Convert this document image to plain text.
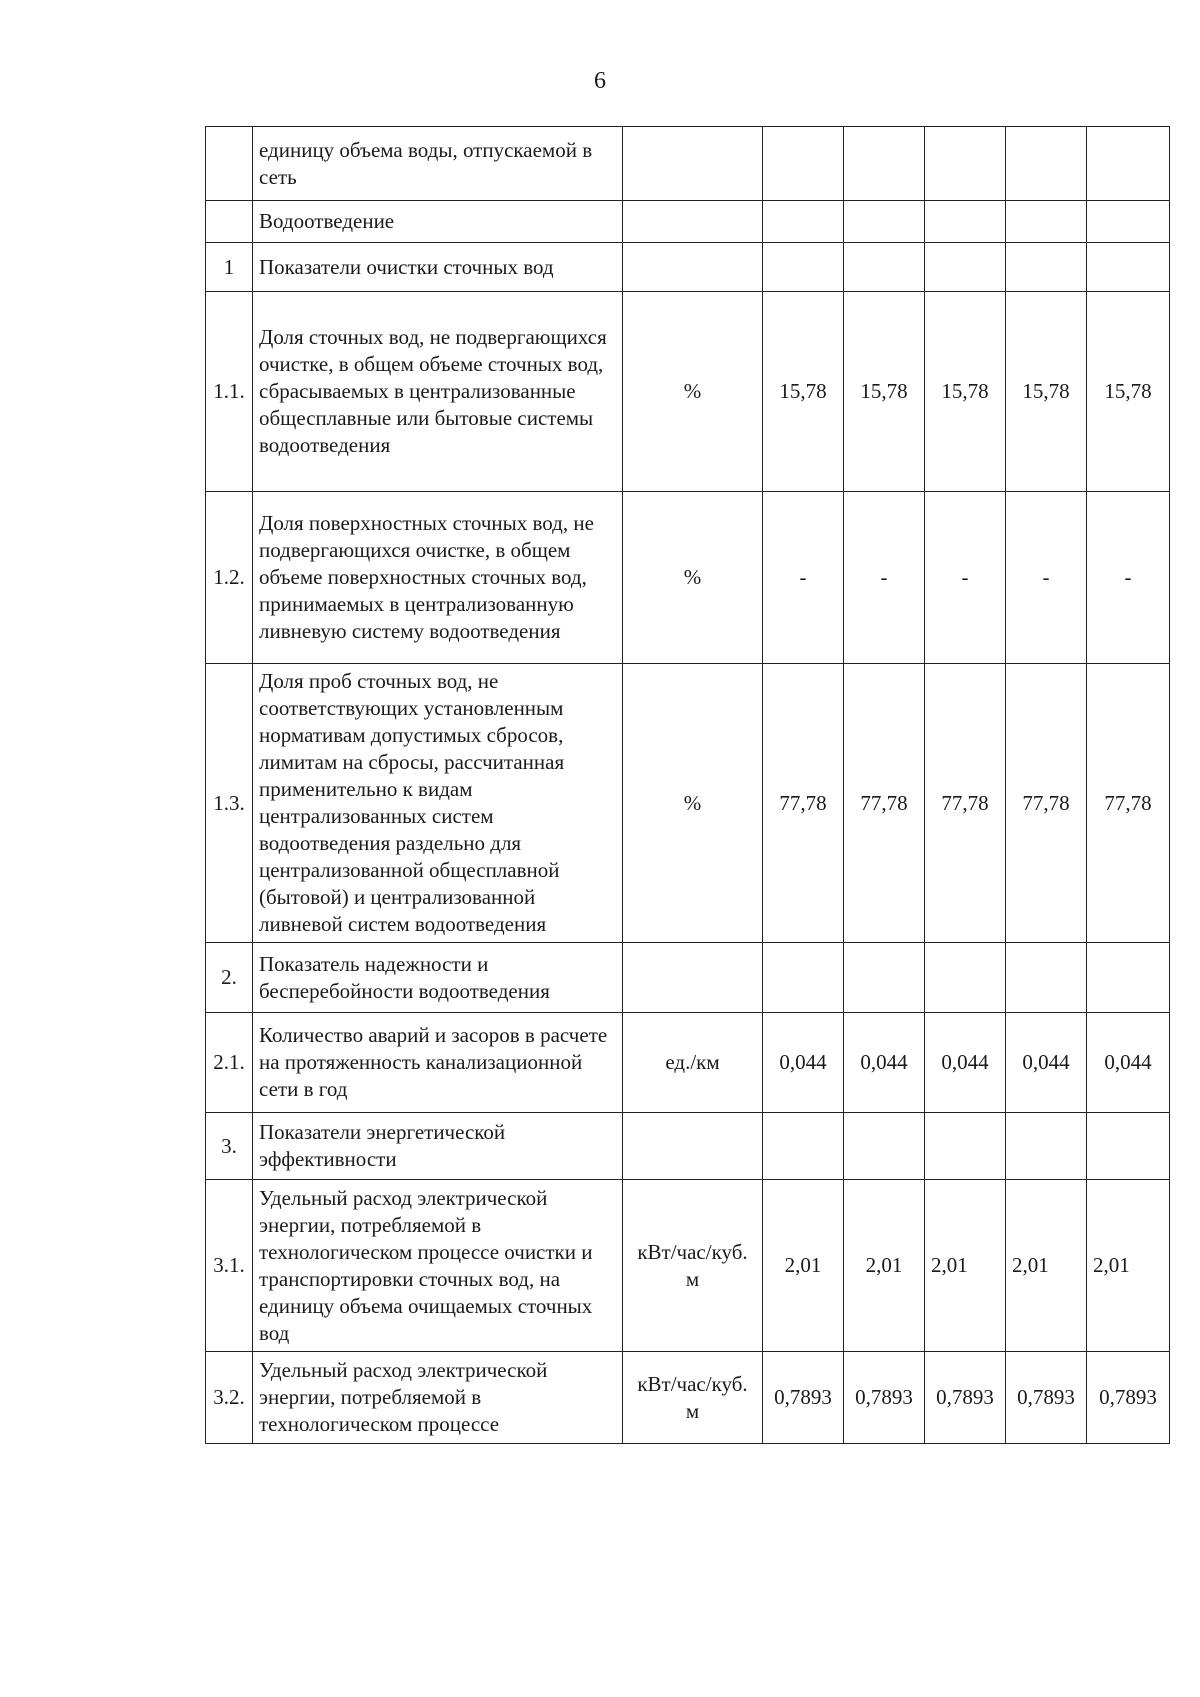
6
	единицу объема воды, отпускаемой в сеть						
	Водоотведение						
1	Показатели очистки сточных вод						
1.1.	Доля сточных вод, не подвергающихся очистке, в общем объеме сточных вод, сбрасываемых в централизованные общесплавные или бытовые системы водоотведения	%	15,78	15,78	15,78	15,78	15,78
1.2.	Доля поверхностных сточных вод, не подвергающихся очистке, в общем объеме поверхностных сточных вод, принимаемых в централизованную ливневую систему водоотведения	%	-	-	-	-	-
1.3.	Доля проб сточных вод, не соответствующих установленным нормативам допустимых сбросов, лимитам на сбросы, рассчитанная применительно к видам централизованных систем водоотведения раздельно для централизованной общесплавной (бытовой) и централизованной ливневой систем водоотведения	%	77,78	77,78	77,78	77,78	77,78
2.	Показатель надежности и бесперебойности водоотведения						
2.1.	Количество аварий и засоров в расчете на протяженность канализационной сети в год	ед./км	0,044	0,044	0,044	0,044	0,044
3.	Показатели энергетической эффективности						
3.1.	Удельный расход электрической энергии, потребляемой в технологическом процессе очистки и транспортировки сточных вод, на единицу объема очищаемых сточных вод	кВт/час/куб. м	2,01	2,01	2,01	2,01	2,01
3.2.	Удельный расход электрической энергии, потребляемой в технологическом процессе	кВт/час/куб. м	0,7893	0,7893	0,7893	0,7893	0,7893
